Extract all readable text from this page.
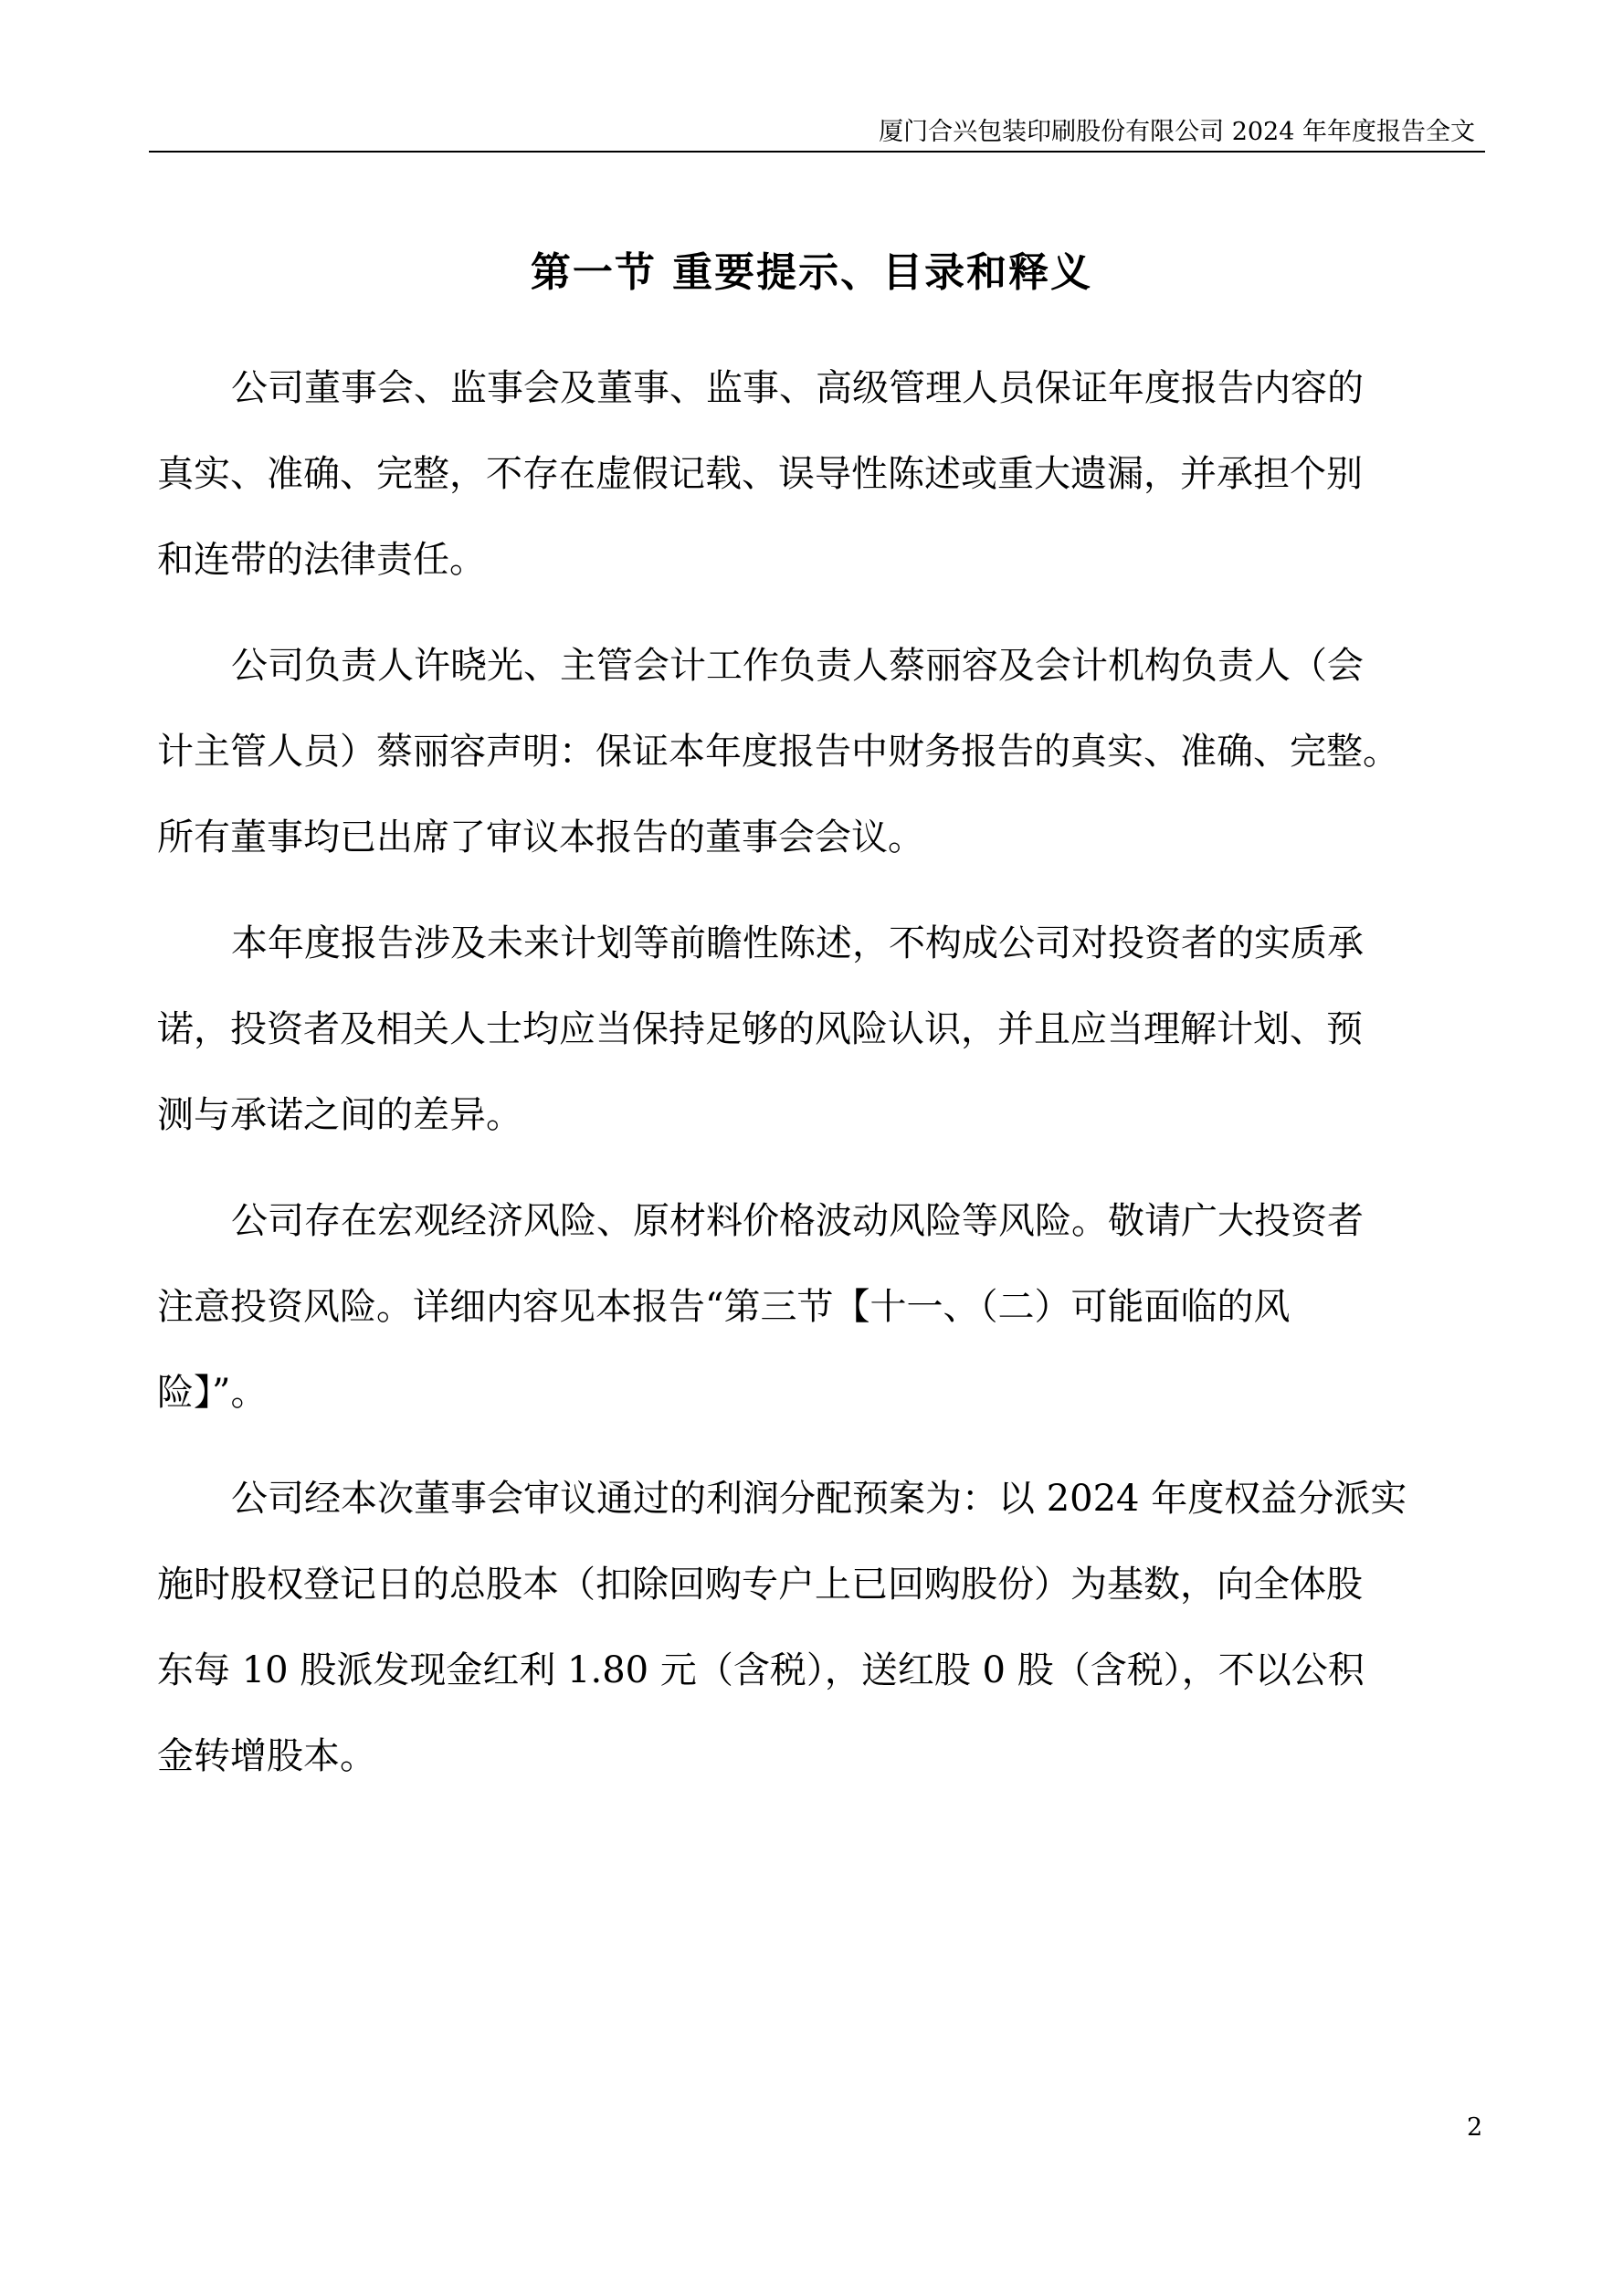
厦门合兴包装印刷股份有限公司 2024 年年度报告全文
第一节 重要提示、目录和释义
公司董事会、监事会及董事、监事、高级管理人员保证年度报告内容的
真实、准确、完整，不存在虚假记载、误导性陈述或重大遗漏，并承担个别
和连带的法律责任。
公司负责人许晓光、主管会计工作负责人蔡丽容及会计机构负责人（会
计主管人员）蔡丽容声明：保证本年度报告中财务报告的真实、准确、完整。
所有董事均已出席了审议本报告的董事会会议。
本年度报告涉及未来计划等前瞻性陈述，不构成公司对投资者的实质承
诺，投资者及相关人士均应当保持足够的风险认识，并且应当理解计划、预
测与承诺之间的差异。
公司存在宏观经济风险、原材料价格波动风险等风险。敬请广大投资者
注意投资风险。详细内容见本报告“第三节【十一、（二）可能面临的风
险】”。
公司经本次董事会审议通过的利润分配预案为：以 2024 年度权益分派实
施时股权登记日的总股本（扣除回购专户上已回购股份）为基数，向全体股
东每 10 股派发现金红利 1.80 元（含税），送红股 0 股（含税），不以公积
金转增股本。
2
